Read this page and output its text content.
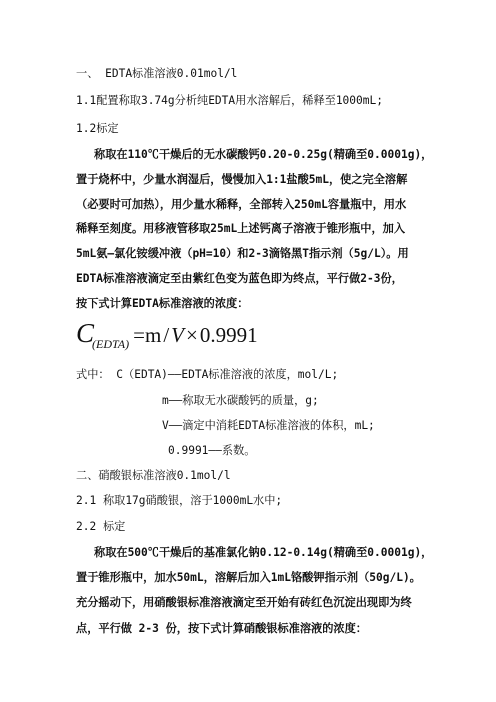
一、 EDTA标准溶液0.01mol/l
1.1配置称取3.74g分析纯EDTA用水溶解后，稀释至1000mL;
1.2标定
称取在110℃干燥后的无水碳酸钙0.20-0.25g(精确至0.0001g)，
置于烧杯中，少量水润湿后，慢慢加入1:1盐酸5mL，使之完全溶解
（必要时可加热），用少量水稀释，全部转入250mL容量瓶中，用水
稀释至刻度。用移液管移取25mL上述钙离子溶液于锥形瓶中，加入
5mL氨—氯化铵缓冲液（pH=10）和2-3滴铬黑T指示剂（5g/L）。用
EDTA标准溶液滴定至由紫红色变为蓝色即为终点，平行做2-3份，
按下式计算EDTA标准溶液的浓度：
$C_{(EDTA)} =m/V\times 0.9991$
式中： C（EDTA)——EDTA标准溶液的浓度，mol/L;
m——称取无水碳酸钙的质量，g;
V——滴定中消耗EDTA标准溶液的体积，mL;
0.9991——系数。
二、硝酸银标准溶液0.1mol/l
2.1 称取17g硝酸银，溶于1000mL水中;
2.2 标定
称取在500℃干燥后的基准氯化钠0.12-0.14g(精确至0.0001g)，
置于锥形瓶中，加水50mL，溶解后加入1mL铬酸钾指示剂（50g/L)。
充分摇动下，用硝酸银标准溶液滴定至开始有砖红色沉淀出现即为终
点，平行做 2-3 份，按下式计算硝酸银标准溶液的浓度：
